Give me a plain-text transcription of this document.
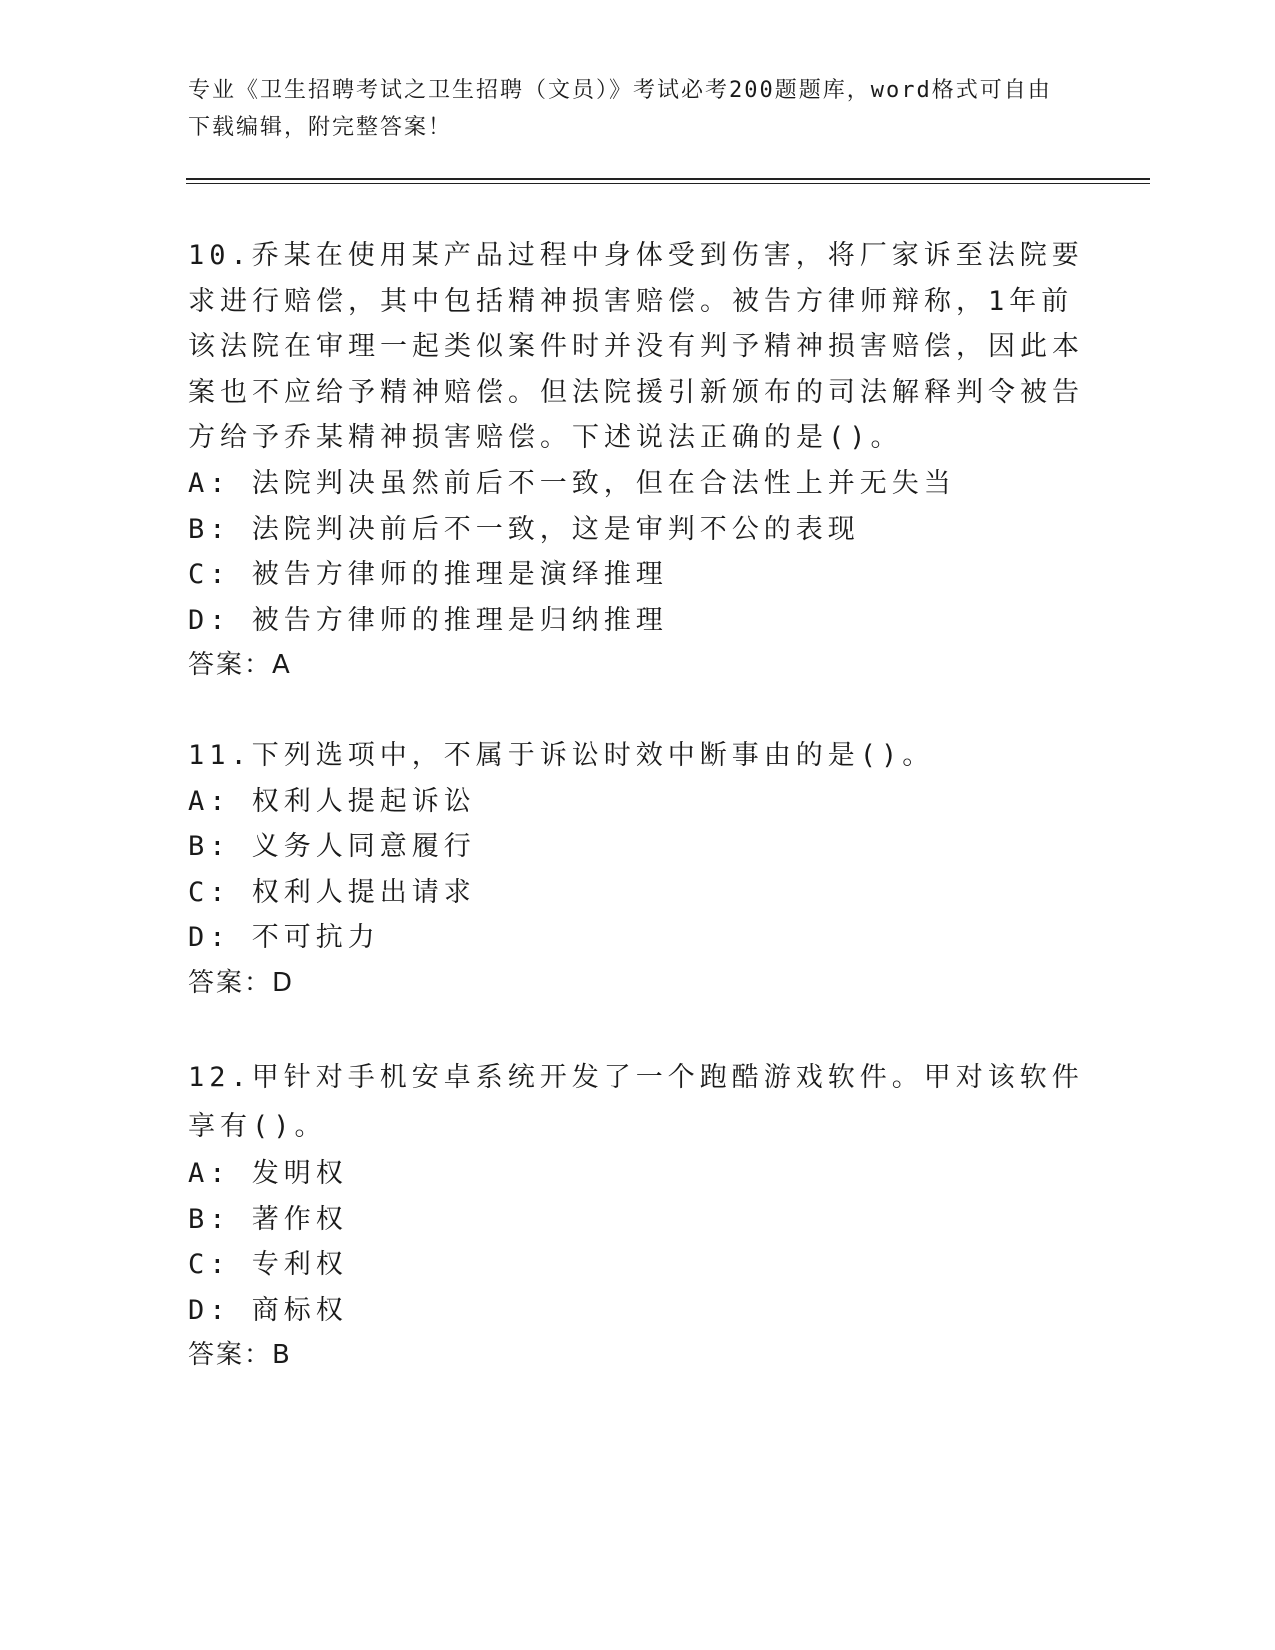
专业《卫生招聘考试之卫生招聘（文员）》考试必考200题题库，word格式可自由下载编辑，附完整答案！
10.乔某在使用某产品过程中身体受到伤害，将厂家诉至法院要求进行赔偿，其中包括精神损害赔偿。被告方律师辩称，1年前该法院在审理一起类似案件时并没有判予精神损害赔偿，因此本案也不应给予精神赔偿。但法院援引新颁布的司法解释判令被告方给予乔某精神损害赔偿。下述说法正确的是()。
A: 法院判决虽然前后不一致，但在合法性上并无失当
B: 法院判决前后不一致，这是审判不公的表现
C: 被告方律师的推理是演绎推理
D: 被告方律师的推理是归纳推理
答案：A
11.下列选项中，不属于诉讼时效中断事由的是()。
A: 权利人提起诉讼
B: 义务人同意履行
C: 权利人提出请求
D: 不可抗力
答案：D
12.甲针对手机安卓系统开发了一个跑酷游戏软件。甲对该软件享有()。
A: 发明权
B: 著作权
C: 专利权
D: 商标权
答案：B
